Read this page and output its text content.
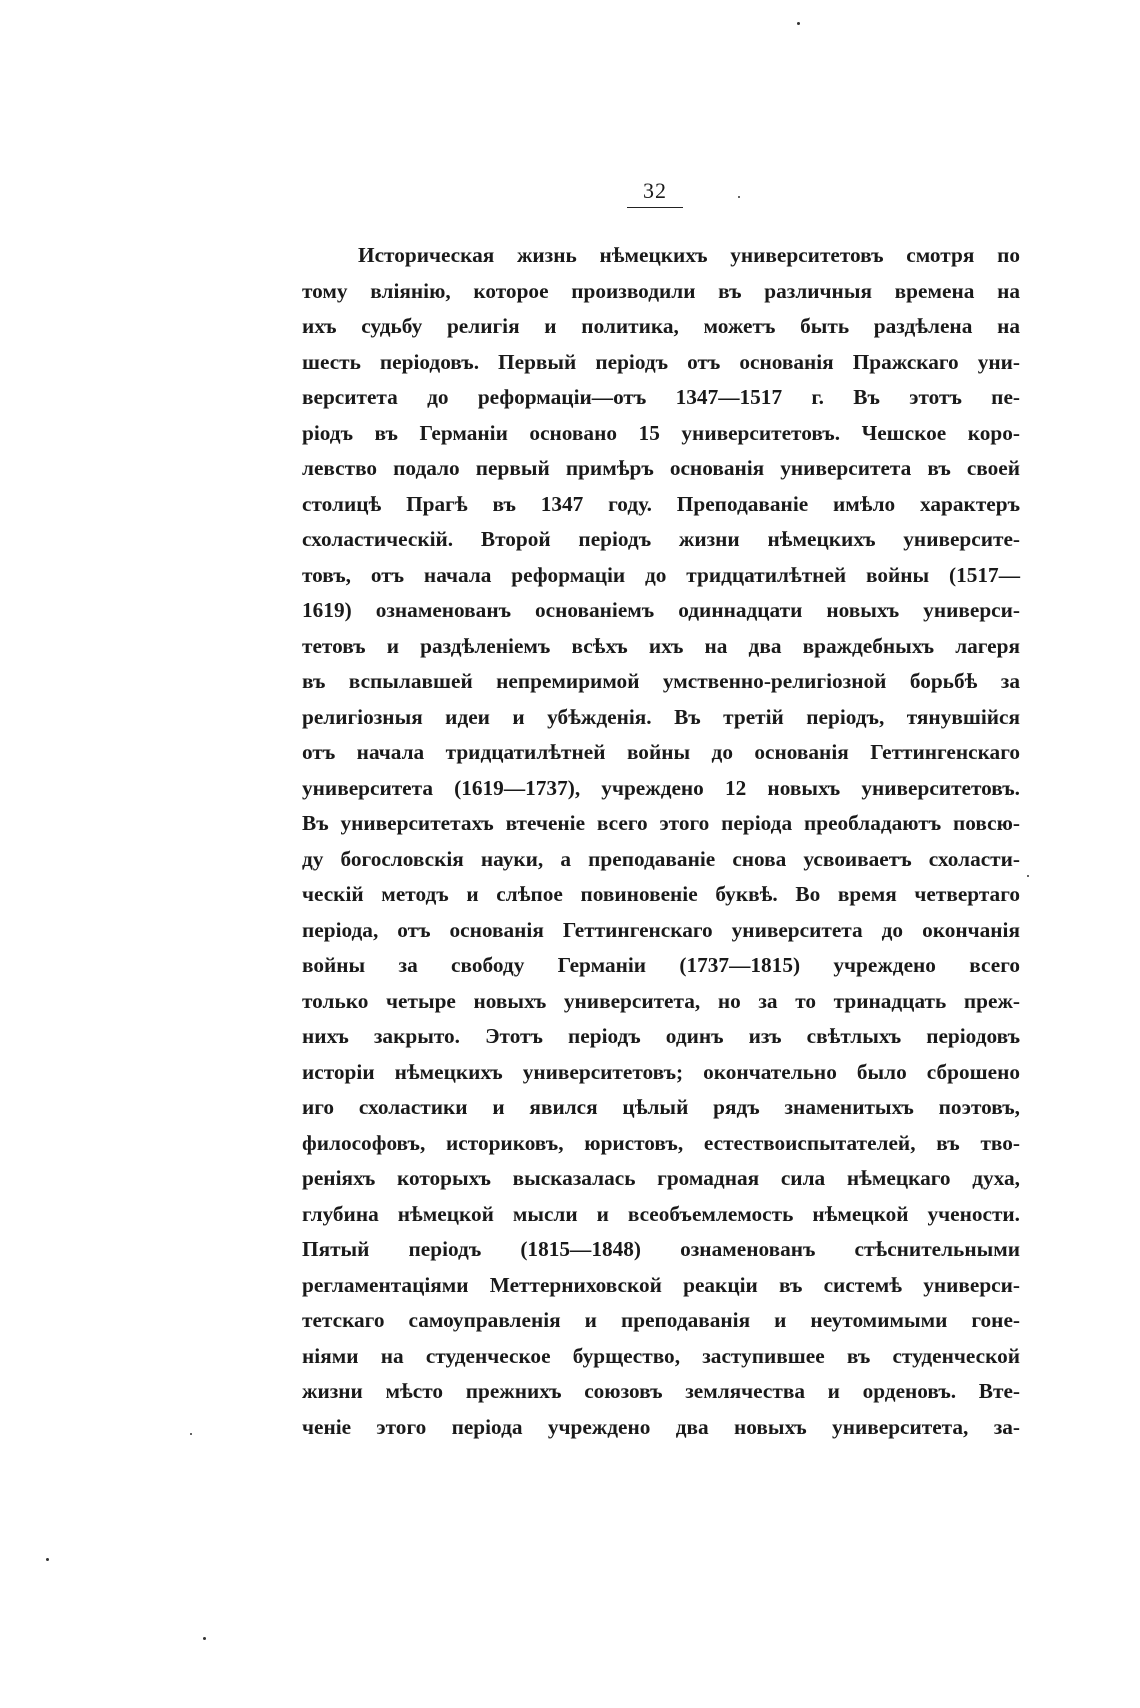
32
Историческая жизнь нѣмецкихъ университетовъ смотря по
тому вліянію, которое производили въ различныя времена на
ихъ судьбу религія и политика, можетъ быть раздѣлена на
шесть періодовъ. Первый періодъ отъ основанія Пражскаго уни-
верситета до реформаціи—отъ 1347—1517 г. Въ этотъ пе-
ріодъ въ Германіи основано 15 университетовъ. Чешское коро-
левство подало первый примѣръ основанія университета въ своей
столицѣ Прагѣ въ 1347 году. Преподаваніе имѣло характеръ
схоластическій. Второй періодъ жизни нѣмецкихъ университе-
товъ, отъ начала реформаціи до тридцатилѣтней войны (1517—
1619) ознаменованъ основаніемъ одиннадцати новыхъ универси-
тетовъ и раздѣленіемъ всѣхъ ихъ на два враждебныхъ лагеря
въ вспылавшей непремиримой умственно-религіозной борьбѣ за
религіозныя идеи и убѣжденія. Въ третій періодъ, тянувшійся
отъ начала тридцатилѣтней войны до основанія Геттингенскаго
университета (1619—1737), учреждено 12 новыхъ университетовъ.
Въ университетахъ втеченіе всего этого періода преобладаютъ повсю-
ду богословскія науки, а преподаваніе снова усвоиваетъ схоласти-
ческій методъ и слѣпое повиновеніе буквѣ. Во время четвертаго
періода, отъ основанія Геттингенскаго университета до окончанія
войны за свободу Германіи (1737—1815) учреждено всего
только четыре новыхъ университета, но за то тринадцать преж-
нихъ закрыто. Этотъ періодъ одинъ изъ свѣтлыхъ періодовъ
исторіи нѣмецкихъ университетовъ; окончательно было сброшено
иго схоластики и явился цѣлый рядъ знаменитыхъ поэтовъ,
философовъ, историковъ, юристовъ, естествоиспытателей, въ тво-
реніяхъ которыхъ высказалась громадная сила нѣмецкаго духа,
глубина нѣмецкой мысли и всеобъемлемость нѣмецкой учености.
Пятый періодъ (1815—1848) ознаменованъ стѣснительными
регламентаціями Меттерниховской реакціи въ системѣ универси-
тетскаго самоуправленія и преподаванія и неутомимыми гоне-
ніями на студенческое бурщество, заступившее въ студенческой
жизни мѣсто прежнихъ союзовъ землячества и орденовъ. Вте-
ченіе этого періода учреждено два новыхъ университета, за-
